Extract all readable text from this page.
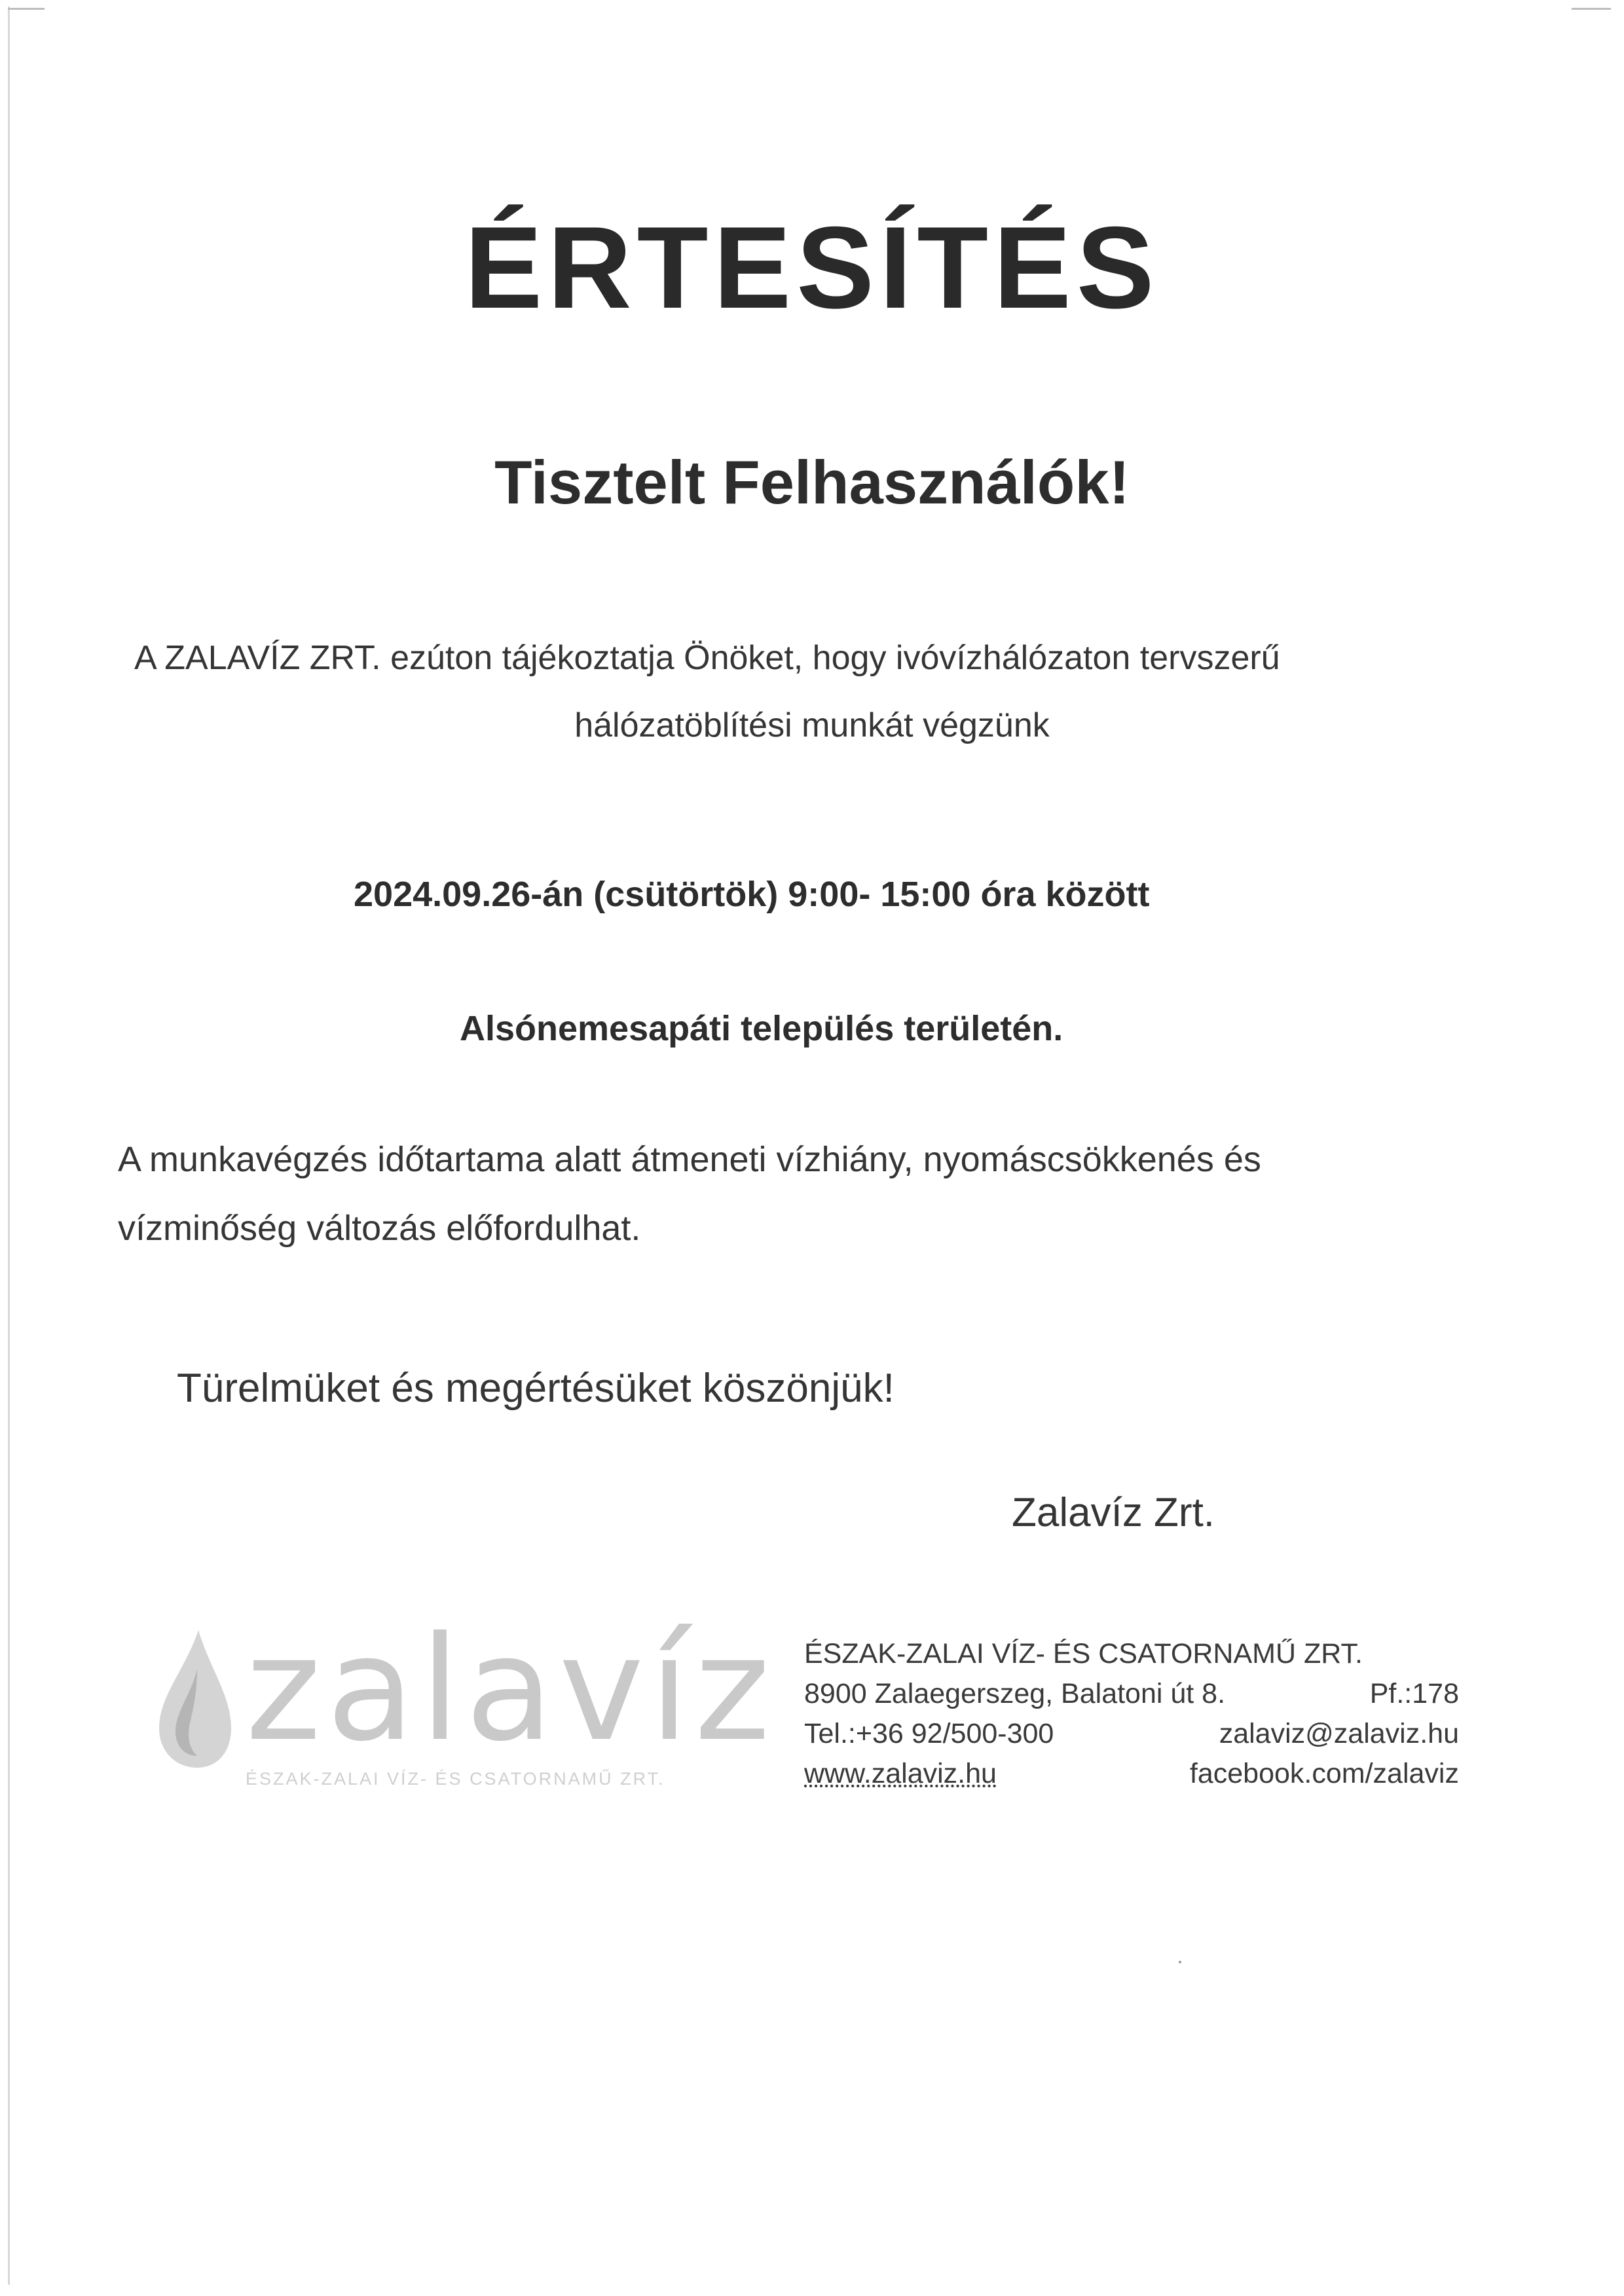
ÉRTESÍTÉS
Tisztelt Felhasználók!
A ZALAVÍZ ZRT. ezúton tájékoztatja Önöket, hogy ivóvízhálózaton tervszerű
hálózatöblítési munkát végzünk
2024.09.26-án (csütörtök) 9:00- 15:00 óra között
Alsónemesapáti település területén.
A munkavégzés időtartama alatt átmeneti vízhiány, nyomáscsökkenés és
vízminőség változás előfordulhat.
Türelmüket és megértésüket köszönjük!
Zalavíz Zrt.
zalavíz
ÉSZAK-ZALAI VÍZ- ÉS CSATORNAMŰ ZRT.
ÉSZAK-ZALAI VÍZ- ÉS CSATORNAMŰ ZRT.
8900 Zalaegerszeg, Balatoni út 8.	Pf.:178
Tel.:+36 92/500-300	zalaviz@zalaviz.hu
www.zalaviz.hu	facebook.com/zalaviz
